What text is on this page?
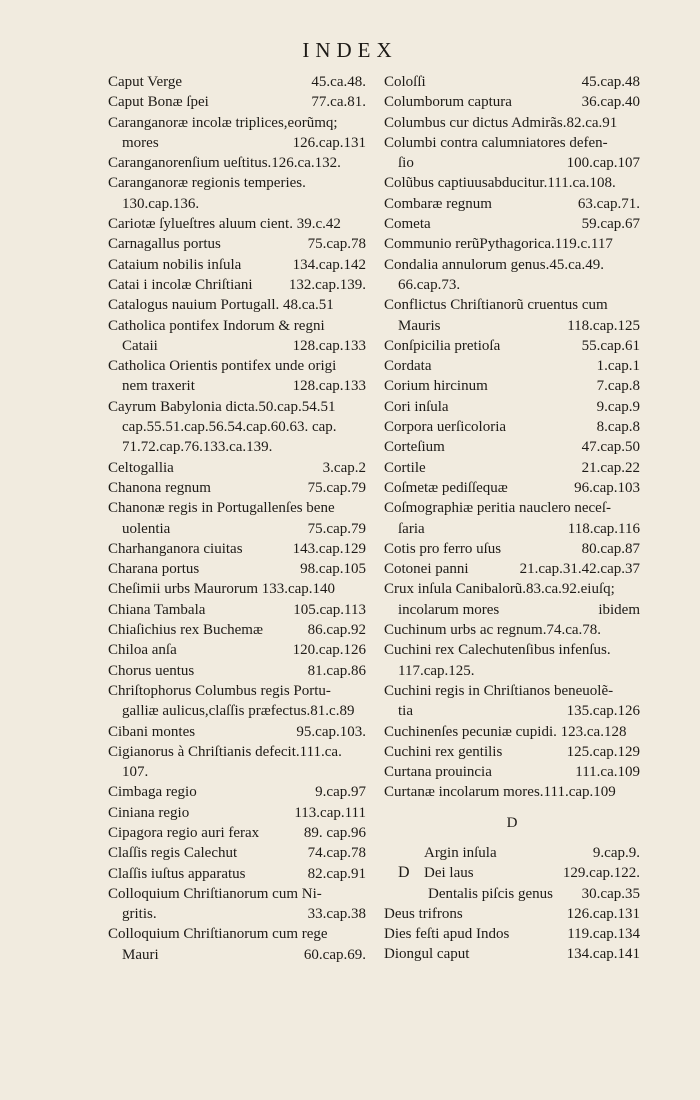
INDEX
Caput Verge	45.ca.48.
Caput Bonæ ſpei	77.ca.81.
Caranganoræ incolæ triplices,eorũmq;
mores	126.cap.131
Caranganorenſium ueſtitus.126.ca.132.
Caranganoræ regionis temperies.
130.cap.136.
Cariotæ ſylueſtres aluum cient. 39.c.42
Carnagallus portus	75.cap.78
Cataium nobilis inſula	134.cap.142
Catai i incolæ Chriſtiani 132.cap.139.
Catalogus nauium Portugall. 48.ca.51
Catholica pontifex Indorum & regni
Cataii	128.cap.133
Catholica Orientis pontifex unde origi
nem traxerit	128.cap.133
Cayrum Babylonia dicta.50.cap.54.51
cap.55.51.cap.56.54.cap.60.63. cap.
71.72.cap.76.133.ca.139.
Celtogallia	3.cap.2
Chanona regnum	75.cap.79
Chanonæ regis in Portugallenſes bene
uolentia	75.cap.79
Charhanganora ciuitas	143.cap.129
Charana portus	98.cap.105
Cheſimii urbs Maurorum 133.cap.140
Chiana Tambala	105.cap.113
Chiaſichius rex Buchemæ	86.cap.92
Chiloa anſa	120.cap.126
Chorus uentus	81.cap.86
Chriſtophorus Columbus regis Portu-
galliæ aulicus,claſſis præfectus.81.c.89
Cibani montes	95.cap.103.
Cigianorus à Chriſtianis defecit.111.ca.
107.
Cimbaga regio	9.cap.97
Ciniana regio	113.cap.111
Cipagora regio auri ferax	89. cap.96
Claſſis regis Calechut	74.cap.78
Claſſis iuſtus apparatus	82.cap.91
Colloquium Chriſtianorum cum Ni-
gritis.	33.cap.38
Colloquium Chriſtianorum cum rege
Mauri	60.cap.69.
Coloſſi	45.cap.48
Columborum captura	36.cap.40
Columbus cur dictus Admirãs.82.ca.91
Columbi contra calumniatores defen-
ſio	100.cap.107
Colũbus captiuusabducitur.111.ca.108.
Combaræ regnum	63.cap.71.
Cometa	59.cap.67
Communio rerũPythagorica.119.c.117
Condalia annulorum genus.45.ca.49.
66.cap.73.
Conflictus Chriſtianorũ cruentus cum
Mauris	118.cap.125
Conſpicilia pretioſa	55.cap.61
Cordata	1.cap.1
Corium hircinum	7.cap.8
Cori inſula	9.cap.9
Corpora uerſicoloria	8.cap.8
Corteſium	47.cap.50
Cortile	21.cap.22
Coſmetæ pediſſequæ	96.cap.103
Coſmographiæ peritia nauclero neceſ-
ſaria	118.cap.116
Cotis pro ferro uſus	80.cap.87
Cotonei panni	21.cap.31.42.cap.37
Crux inſula Canibalorũ.83.ca.92.eiuſq;
incolarum mores	ibidem
Cuchinum urbs ac regnum.74.ca.78.
Cuchini rex Calechutenſibus infenſus.
117.cap.125.
Cuchini regis in Chriſtianos beneuolẽ-
tia	135.cap.126
Cuchinenſes pecuniæ cupidi. 123.ca.128
Cuchini rex gentilis	125.cap.129
Curtana prouincia	111.ca.109
Curtanæ incolarum mores.111.cap.109
D
Argin inſula	9.cap.9.
D Dei laus	129.cap.122.
Dentalis piſcis genus 30.cap.35
Deus trifrons	126.cap.131
Dies feſti apud Indos	119.cap.134
Diongul caput	134.cap.141
